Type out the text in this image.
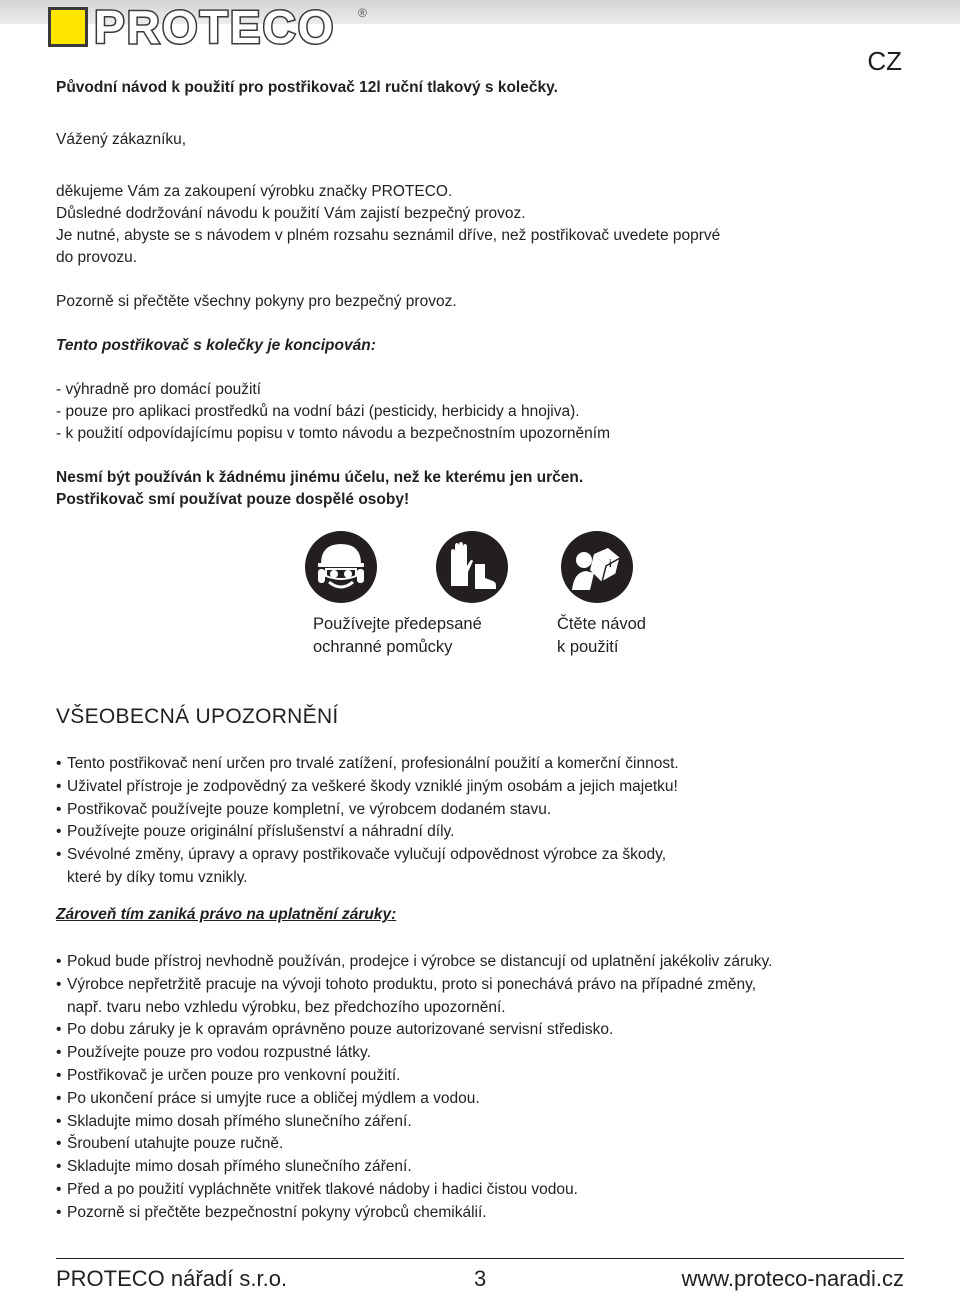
PROTECO ®
CZ

Původní návod k použití pro postřikovač 12l ruční tlakový s kolečky.

Vážený zákazníku,

děkujeme Vám za zakoupení výrobku značky PROTECO.

Důsledné dodržování návodu k použití Vám zajistí bezpečný provoz.

Je nutné, abyste se s návodem v plném rozsahu seznámil dříve, než postřikovač uvedete poprvé

do provozu.

Pozorně si přečtěte všechny pokyny pro bezpečný provoz.

Tento postřikovač s kolečky je koncipován:

- výhradně pro domácí použití

- pouze pro aplikaci prostředků na vodní bázi (pesticidy, herbicidy a hnojiva).

- k použití odpovídajícímu popisu v tomto návodu a bezpečnostním upozorněním

Nesmí být používán k žádnému jinému účelu, než ke kterému jen určen.

Postřikovač smí používat pouze dospělé osoby!

i
Používejte předepsané
ochranné pomůcky
Čtěte návod
k použití
VŠEOBECNÁ UPOZORNĚNÍ
• Tento postřikovač není určen pro trvalé zatížení, profesionální použití a komerční činnost.
• Uživatel přístroje je zodpovědný za veškeré škody vzniklé jiným osobám a jejich majetku!
• Postřikovač používejte pouze kompletní, ve výrobcem dodaném stavu.
• Používejte pouze originální příslušenství a náhradní díly.
• Svévolné změny, úpravy a opravy postřikovače vylučují odpovědnost výrobce za škody,
které by díky tomu vznikly.
Zároveň tím zaniká právo na uplatnění záruky:
• Pokud bude přístroj nevhodně používán, prodejce i výrobce se distancují od uplatnění jakékoliv záruky.
• Výrobce nepřetržitě pracuje na vývoji tohoto produktu, proto si ponechává právo na případné změny,
např. tvaru nebo vzhledu výrobku, bez předchozího upozornění.
• Po dobu záruky je k opravám oprávněno pouze autorizované servisní středisko.
• Používejte pouze pro vodou rozpustné látky.
• Postřikovač je určen pouze pro venkovní použití.
• Po ukončení práce si umyjte ruce a obličej mýdlem a vodou.
• Skladujte mimo dosah přímého slunečního záření.
• Šroubení utahujte pouze ručně.
• Skladujte mimo dosah přímého slunečního záření.
• Před a po použití vypláchněte vnitřek tlakové nádoby i hadici čistou vodou.
• Pozorně si přečtěte bezpečnostní pokyny výrobců chemikálií.
PROTECO nářadí s.r.o.	3	www.proteco-naradi.cz
